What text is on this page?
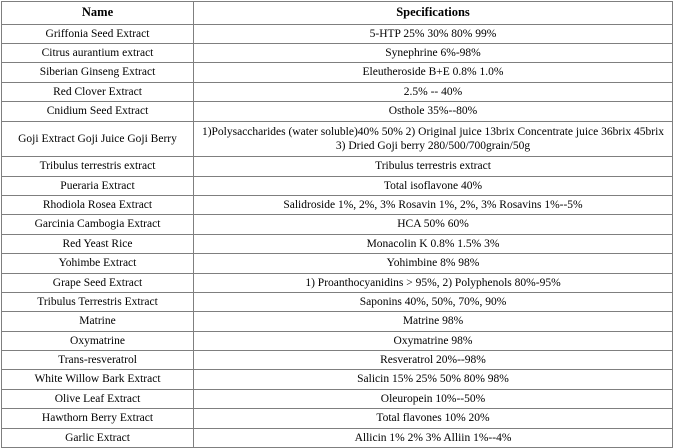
Name	Specifications
Griffonia Seed Extract	5-HTP 25% 30% 80% 99%
Citrus aurantium extract	Synephrine 6%-98%
Siberian Ginseng Extract	Eleutheroside B+E 0.8% 1.0%
Red Clover Extract	2.5% -- 40%
Cnidium Seed Extract	Osthole 35%--80%
Goji Extract Goji Juice Goji Berry	1)Polysaccharides (water soluble)40% 50% 2) Original juice 13brix Concentrate juice 36brix 45brix 3) Dried Goji berry 280/500/700grain/50g
Tribulus terrestris extract	Tribulus terrestris extract
Pueraria Extract	Total isoflavone 40%
Rhodiola Rosea Extract	Salidroside 1%, 2%, 3% Rosavin 1%, 2%, 3% Rosavins 1%--5%
Garcinia Cambogia Extract	HCA 50% 60%
Red Yeast Rice	Monacolin K 0.8% 1.5% 3%
Yohimbe Extract	Yohimbine 8% 98%
Grape Seed Extract	1) Proanthocyanidins > 95%, 2) Polyphenols 80%-95%
Tribulus Terrestris Extract	Saponins 40%, 50%, 70%, 90%
Matrine	Matrine 98%
Oxymatrine	Oxymatrine 98%
Trans-resveratrol	Resveratrol 20%--98%
White Willow Bark Extract	Salicin 15% 25% 50% 80% 98%
Olive Leaf Extract	Oleuropein 10%--50%
Hawthorn Berry Extract	Total flavones 10% 20%
Garlic Extract	Allicin 1% 2% 3% Alliin 1%--4%
